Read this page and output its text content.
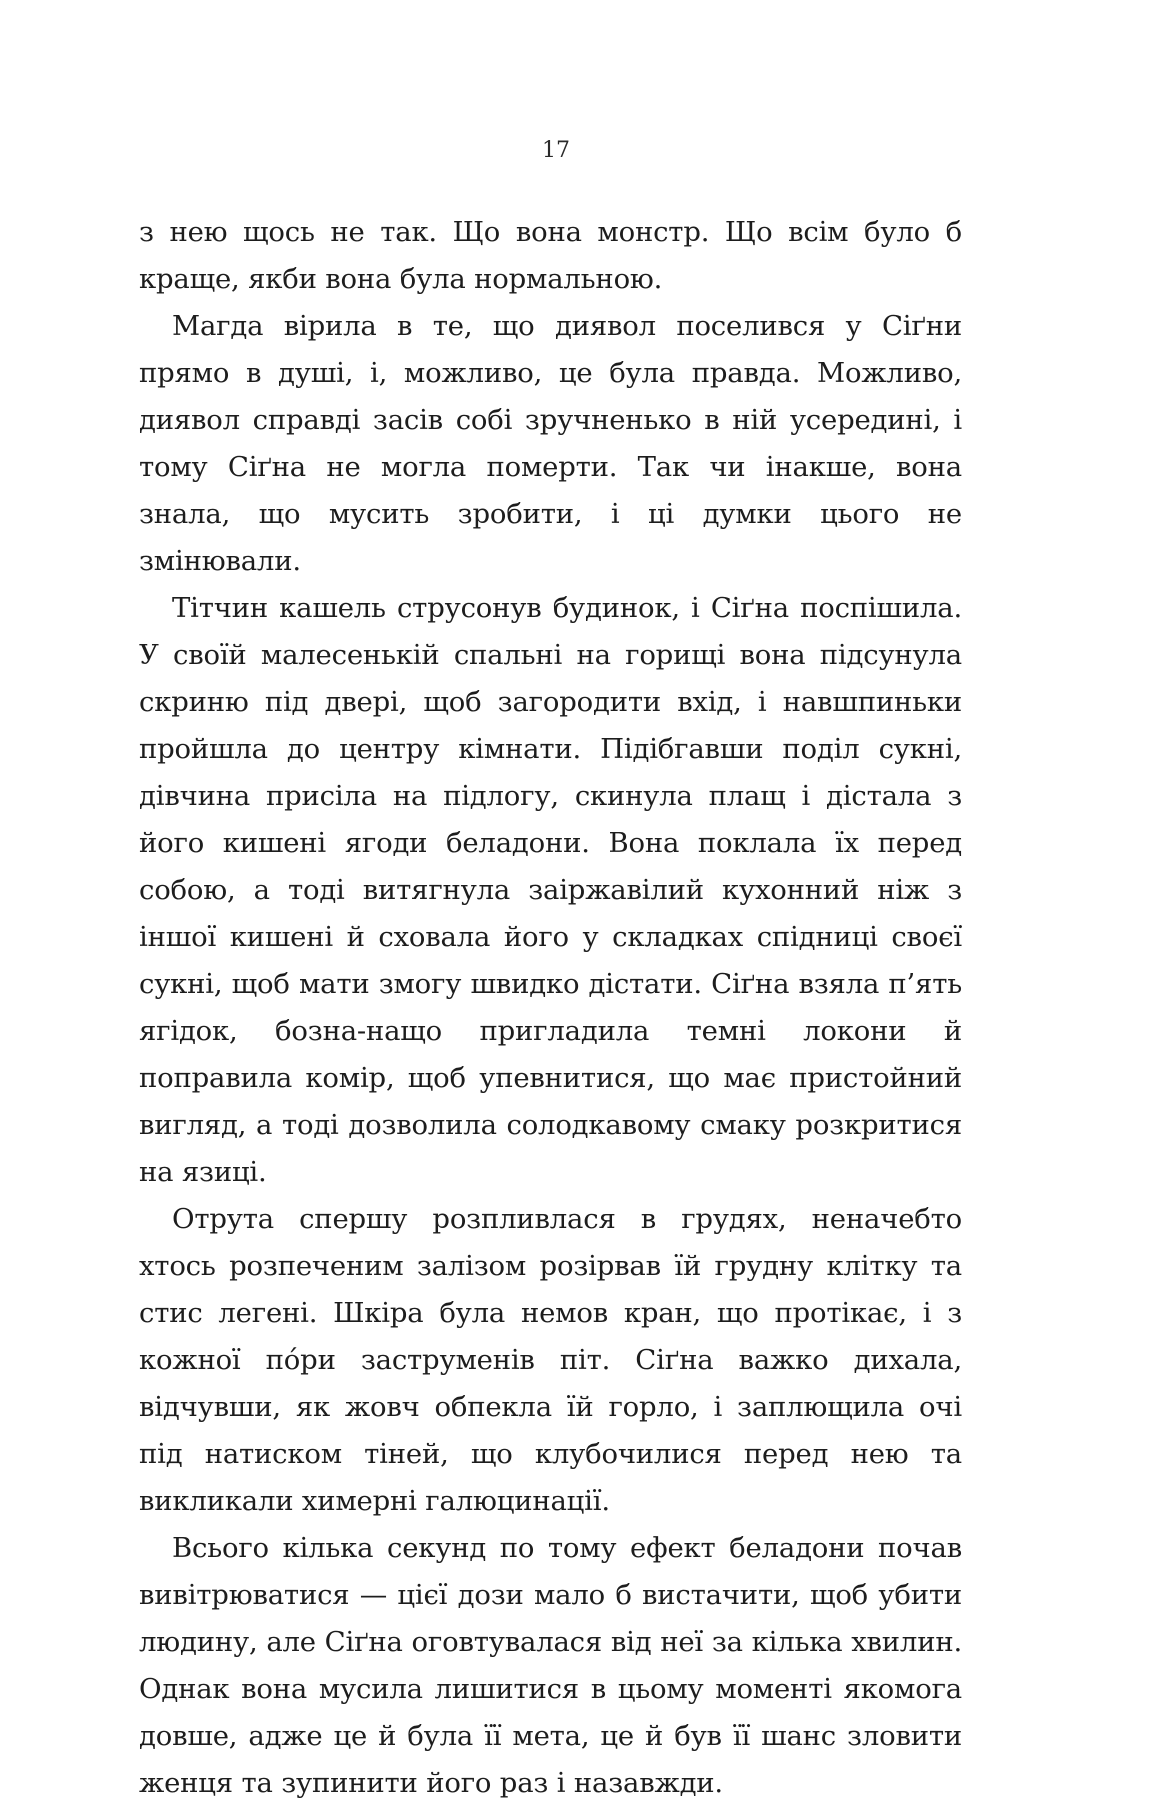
17

з нею щось не так. Що вона монстр. Що всім було б краще, якби вона була нормальною.

Магда вірила в те, що диявол поселився у Сіґни прямо в душі, і, можливо, це була правда. Можливо, диявол справді засів собі зручненько в ній усередині, і тому Сіґна не могла померти. Так чи інакше, вона знала, що мусить зробити, і ці думки цього не змінювали.

Тітчин кашель струсонув будинок, і Сіґна поспішила. У своїй малесенькій спальні на горищі вона підсунула скриню під двері, щоб загородити вхід, і навшпиньки пройшла до центру кімнати. Підібгавши поділ сукні, дівчина присіла на підлогу, скинула плащ і дістала з його кишені ягоди беладони. Вона поклала їх перед собою, а тоді витягнула заіржавілий кухонний ніж з іншої кишені й сховала його у складках спідниці своєї сукні, щоб мати змогу швидко дістати. Сіґна взяла п’ять ягідок, бозна-нащо пригладила темні локони й поправила комір, щоб упевнитися, що має пристойний вигляд, а тоді дозволила солодкавому смаку розкритися на язиці.

Отрута спершу розпливлася в грудях, неначебто хтось розпеченим залізом розірвав їй грудну клітку та стис легені. Шкіра була немов кран, що протікає, і з кожної пóри заструменів піт. Сіґна важко дихала, відчувши, як жовч обпекла їй горло, і заплющила очі під натиском тіней, що клубочилися перед нею та викликали химерні галюцинації.

Всього кілька секунд по тому ефект беладони почав вивітрюватися — цієї дози мало б вистачити, щоб убити людину, але Сіґна оговтувалася від неї за кілька хвилин. Однак вона мусила лишитися в цьому моменті якомога довше, адже це й була її мета, це й був її шанс зловити женця та зупинити його раз і назавжди.
